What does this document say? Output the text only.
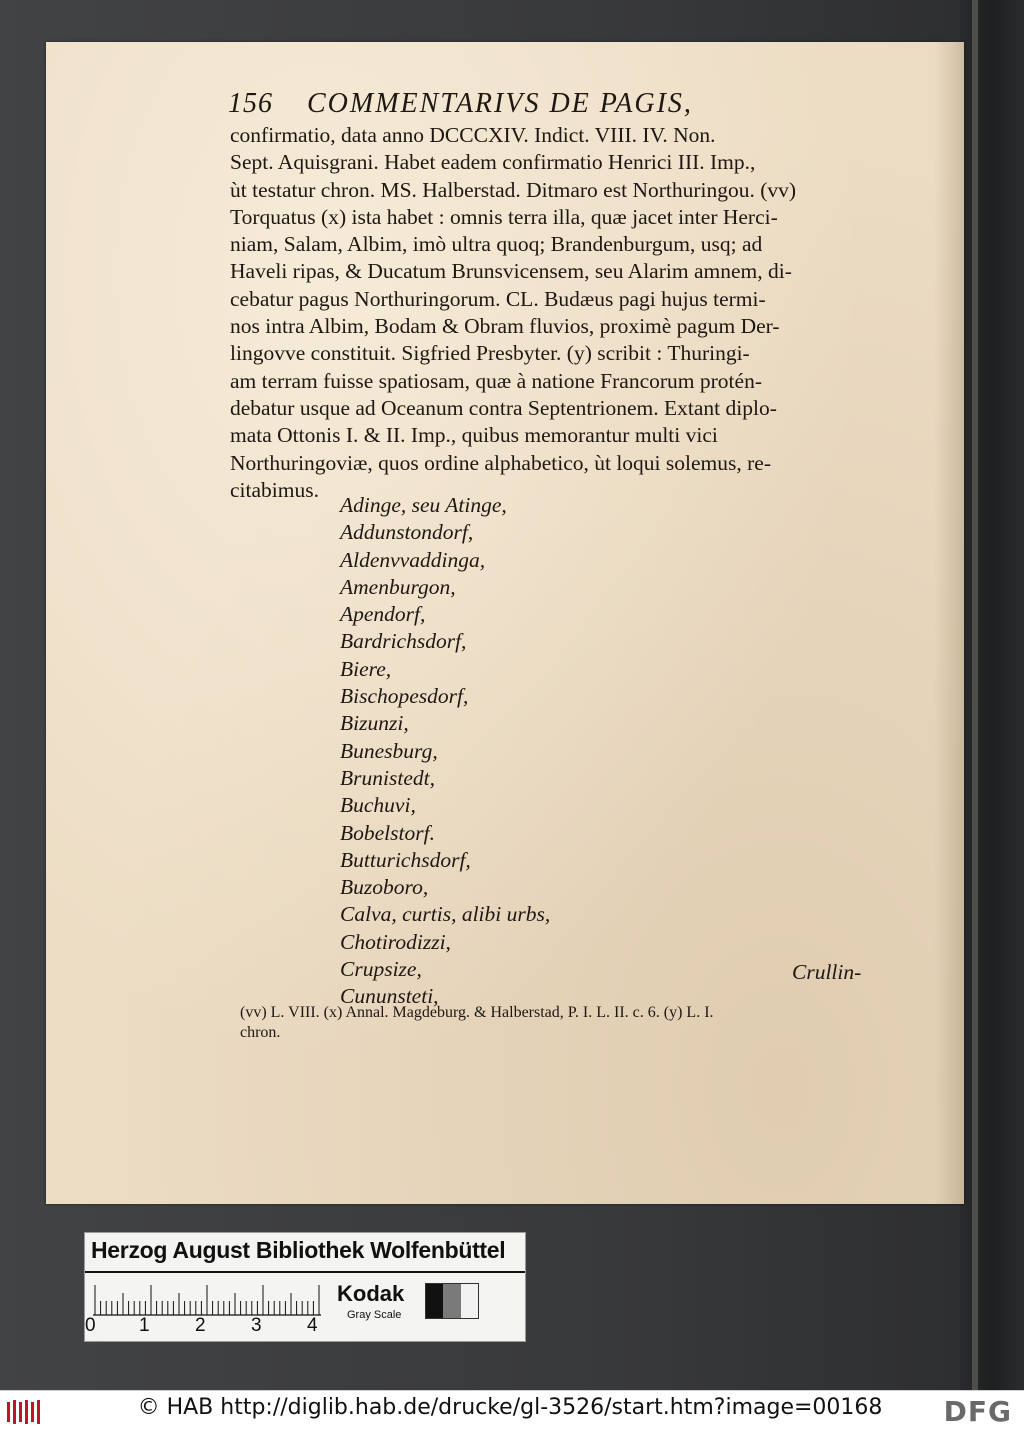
156 COMMENTARIVS DE PAGIS,
confirmatio, data anno DCCCXIV. Indict. VIII. IV. Non.
Sept. Aquisgrani. Habet eadem confirmatio Henrici III. Imp.,
ùt testatur chron. MS. Halberstad. Ditmaro est Northuringou. (vv)
Torquatus (x) ista habet : omnis terra illa, quæ jacet inter Herci-
niam, Salam, Albim, imò ultra quoq; Brandenburgum, usq; ad
Haveli ripas, & Ducatum Brunsvicensem, seu Alarim amnem, di-
cebatur pagus Northuringorum. CL. Budæus pagi hujus termi-
nos intra Albim, Bodam & Obram fluvios, proximè pagum Der-
lingovve constituit. Sigfried Presbyter. (y) scribit : Thuringi-
am terram fuisse spatiosam, quæ à natione Francorum protén-
debatur usque ad Oceanum contra Septentrionem. Extant diplo-
mata Ottonis I. & II. Imp., quibus memorantur multi vici
Northuringoviæ, quos ordine alphabetico, ùt loqui solemus, re-
citabimus.
Adinge, seu Atinge,
Addunstondorf,
Aldenvvaddinga,
Amenburgon,
Apendorf,
Bardrichsdorf,
Biere,
Bischopesdorf,
Bizunzi,
Bunesburg,
Brunistedt,
Buchuvi,
Bobelstorf.
Butturichsdorf,
Buzoboro,
Calva, curtis, alibi urbs,
Chotirodizzi,
Crupsize,
Cununsteti,
Crullin-
(vv) L. VIII. (x) Annal. Magdeburg. & Halberstad, P. I. L. II. c. 6. (y) L. I.
chron.
Herzog August Bibliothek Wolfenbüttel
0 1 2 3 4
Kodak
Gray Scale
© HAB http://diglib.hab.de/drucke/gl-3526/start.htm?image=00168 DFG
